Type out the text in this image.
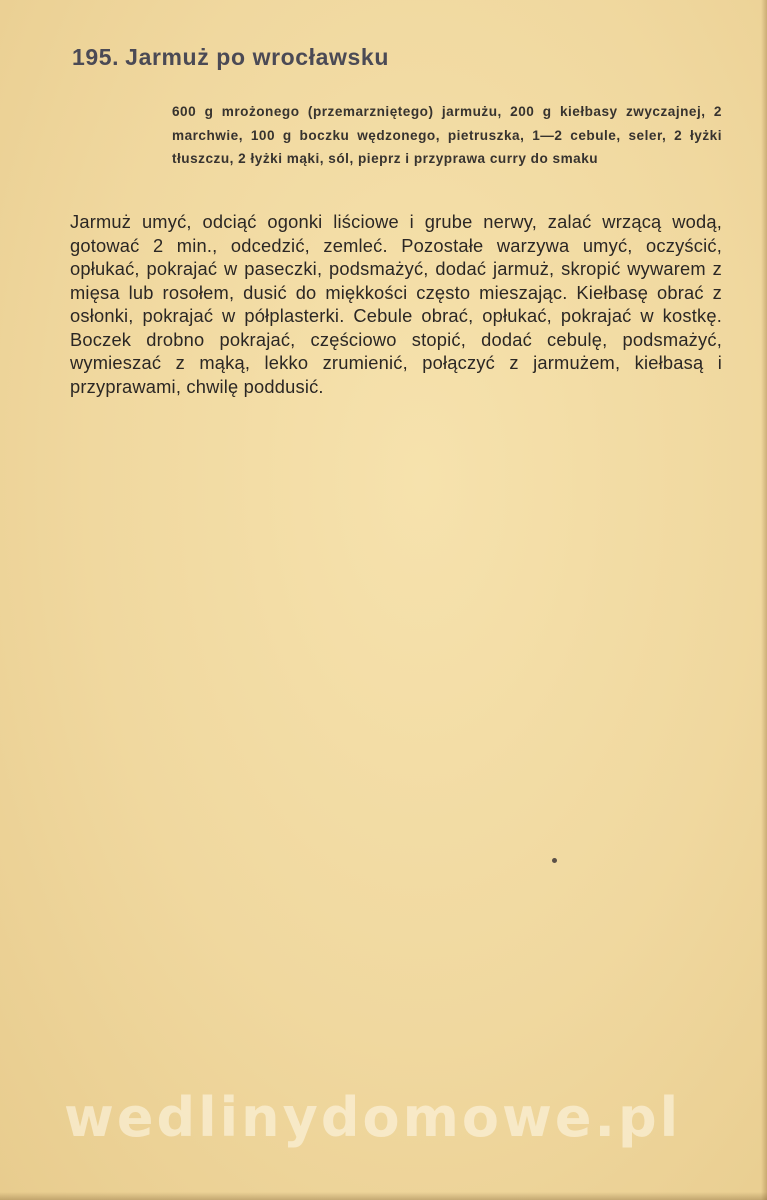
195. Jarmuż po wrocławsku

600 g mrożonego (przemarzniętego) jarmużu, 200 g kiełbasy zwyczajnej, 2 marchwie, 100 g boczku wędzonego, pietruszka, 1—2 cebule, seler, 2 łyżki tłuszczu, 2 łyżki mąki, sól, pieprz i przyprawa curry do smaku

Jarmuż umyć, odciąć ogonki liściowe i grube nerwy, zalać wrzącą wodą, gotować 2 min., odcedzić, zemleć. Pozostałe warzywa umyć, oczyścić, opłukać, pokrajać w paseczki, podsmażyć, dodać jarmuż, skropić wywarem z mięsa lub rosołem, dusić do miękkości często mieszając. Kiełbasę obrać z osłonki, pokrajać w półplasterki. Cebule obrać, opłukać, pokrajać w kostkę. Boczek drobno pokrajać, częściowo stopić, dodać cebulę, podsmażyć, wymieszać z mąką, lekko zrumienić, połączyć z jarmużem, kiełbasą i przyprawami, chwilę poddusić.

wedlinydomowe.pl
